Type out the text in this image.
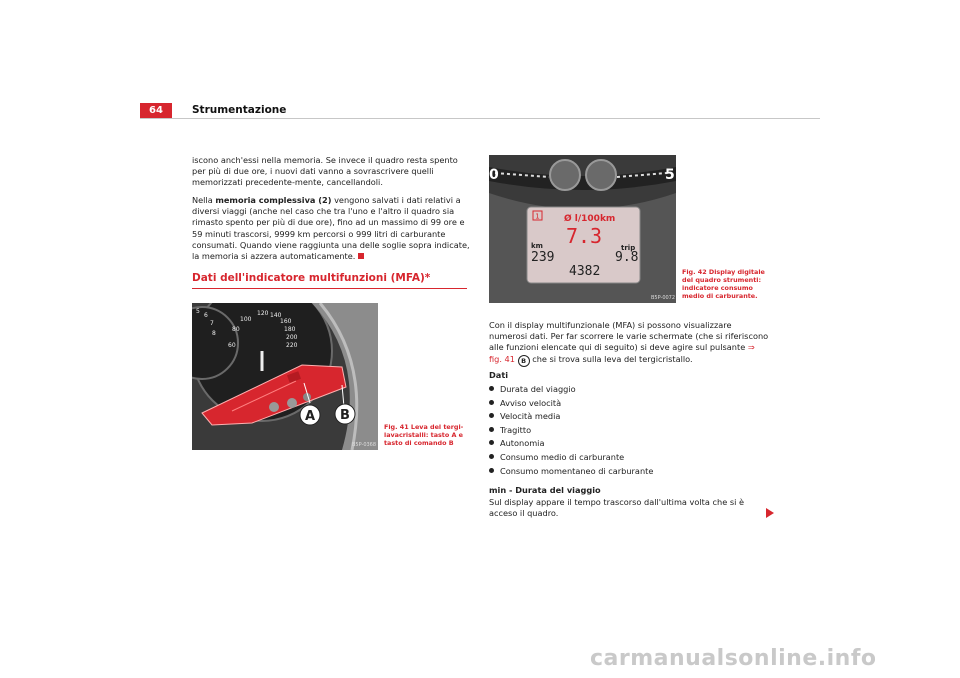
64	Strumentazione
iscono anch'essi nella memoria. Se invece il quadro resta spento per più di due ore, i nuovi dati vanno a sovrascrivere quelli memorizzati precedente-mente, cancellandoli.
Nella memoria complessiva (2) vengono salvati i dati relativi a diversi viaggi (anche nel caso che tra l'uno e l'altro il quadro sia rimasto spento per più di due ore), fino ad un massimo di 99 ore e 59 minuti trascorsi, 9999 km percorsi o 999 litri di carburante consumati. Quando viene raggiunta una delle soglie sopra indicate, la memoria si azzera automaticamente.
Dati dell'indicatore multifunzioni (MFA)*
100
120 140
160
180
200
220
80
60
5
6
7
8
A B
B5P-0368
Fig. 41 Leva del tergi-lavacristalli: tasto A e tasto di comando B
0	5
1	Ø l/100km
7.3
km
239
trip
9.8
4382
B5P-0072
Fig. 42 Display digitale del quadro strumenti: indicatore consumo medio di carburante.
Con il display multifunzionale (MFA) si possono visualizzare numerosi dati. Per far scorrere le varie schermate (che si riferiscono alle funzioni elencate qui di seguito) si deve agire sul pulsante ⇒ fig. 41 B che si trova sulla leva del tergicristallo.
Dati
Durata del viaggio
Avviso velocità
Velocità media
Tragitto
Autonomia
Consumo medio di carburante
Consumo momentaneo di carburante
min - Durata del viaggio
Sul display appare il tempo trascorso dall'ultima volta che si è acceso il quadro.
carmanualsonline.info
